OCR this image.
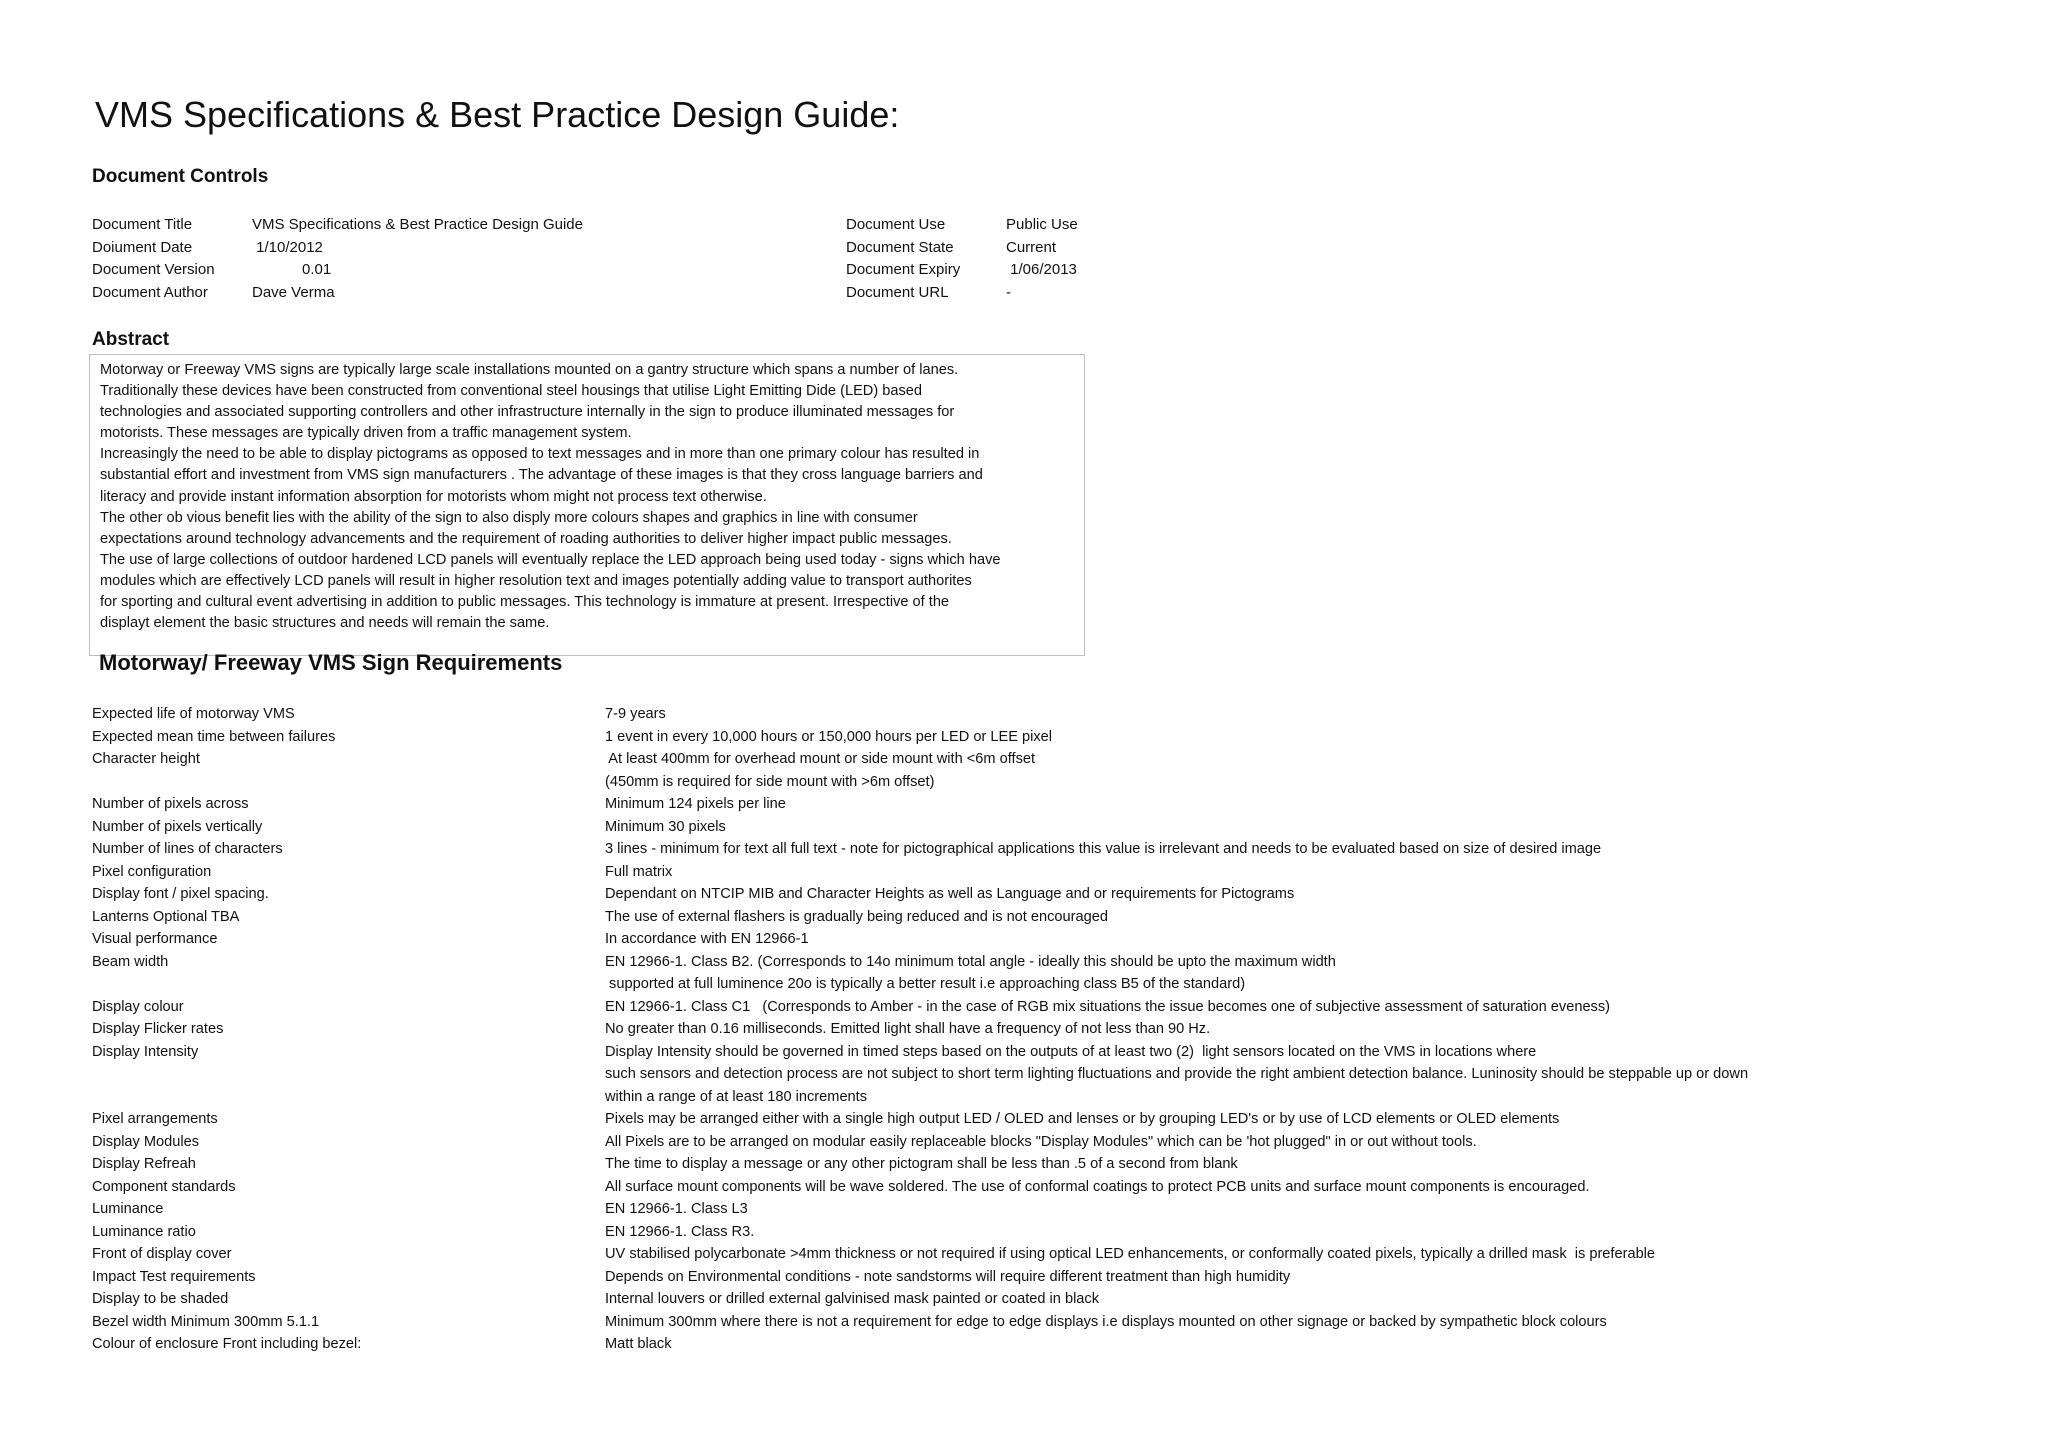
VMS Specifications & Best Practice Design Guide:
Document Controls
Document Title	VMS Specifications & Best Practice Design Guide
Doiument Date	1/10/2012
Document Version	0.01
Document Author	Dave Verma
Document Use	Public Use
Document State	Current
Document Expiry	1/06/2013
Document URL	-
Abstract
Motorway or Freeway VMS signs are typically large scale installations mounted on a gantry structure which spans a number of lanes.
Traditionally these devices have been constructed from conventional steel housings that utilise Light Emitting Dide (LED) based
technologies and associated supporting controllers and other infrastructure internally in the sign to produce illuminated messages for
motorists. These messages are typically driven from a traffic management system.
Increasingly the need to be able to display pictograms as opposed to text messages and in more than one primary colour has resulted in
substantial effort and investment from VMS sign manufacturers . The advantage of these images is that they cross language barriers and
literacy and provide instant information absorption for motorists whom might not process text otherwise.
The other ob vious benefit lies with the ability of the sign to also disply more colours shapes and graphics in line with consumer
expectations around technology advancements and the requirement of roading authorities to deliver higher impact public messages.
The use of large collections of outdoor hardened LCD panels will eventually replace the LED approach being used today - signs which have
modules which are effectively LCD panels will result in higher resolution text and images potentially adding value to transport authorites
for sporting and cultural event advertising in addition to public messages. This technology is immature at present. Irrespective of the
displayt element the basic structures and needs will remain the same.
Motorway/ Freeway VMS Sign Requirements
Expected life of motorway VMS	7-9 years
Expected mean time between failures	1 event in every 10,000 hours or 150,000 hours per LED or LEE pixel
Character height	At least 400mm for overhead mount or side mount with <6m offset
(450mm is required for side mount with >6m offset)
Number of pixels across	Minimum 124 pixels per line
Number of pixels vertically	Minimum 30 pixels
Number of lines of characters	3 lines - minimum for text all full text - note for pictographical applications this value is irrelevant and needs to be evaluated based on size of desired image
Pixel configuration	Full matrix
Display font / pixel spacing.	Dependant on NTCIP MIB and Character Heights as well as Language and or requirements for Pictograms
Lanterns Optional TBA	The use of external flashers is gradually being reduced and is not encouraged
Visual performance	In accordance with EN 12966-1
Beam width	EN 12966-1. Class B2. (Corresponds to 14o minimum total angle - ideally this should be upto the maximum width
supported at full luminence 20o is typically a better result i.e approaching class B5 of the standard)
Display colour	EN 12966-1. Class C1   (Corresponds to Amber - in the case of RGB mix situations the issue becomes one of subjective assessment of saturation eveness)
Display Flicker rates	No greater than 0.16 milliseconds. Emitted light shall have a frequency of not less than 90 Hz.
Display Intensity	Display Intensity should be governed in timed steps based on the outputs of at least two (2)  light sensors located on the VMS in locations where
such sensors and detection process are not subject to short term lighting fluctuations and provide the right ambient detection balance. Luninosity should be steppable up or down
within a range of at least 180 increments
Pixel arrangements	Pixels may be arranged either with a single high output LED / OLED and lenses or by grouping LED's or by use of LCD elements or OLED elements
Display Modules	All Pixels are to be arranged on modular easily replaceable blocks "Display Modules" which can be 'hot plugged" in or out without tools.
Display Refreah	The time to display a message or any other pictogram shall be less than .5 of a second from blank
Component standards	All surface mount components will be wave soldered. The use of conformal coatings to protect PCB units and surface mount components is encouraged.
Luminance	EN 12966-1. Class L3
Luminance ratio	EN 12966-1. Class R3.
Front of display cover	UV stabilised polycarbonate >4mm thickness or not required if using optical LED enhancements, or conformally coated pixels, typically a drilled mask  is preferable
Impact Test requirements	Depends on Environmental conditions - note sandstorms will require different treatment than high humidity
Display to be shaded	Internal louvers or drilled external galvinised mask painted or coated in black
Bezel width Minimum 300mm 5.1.1	Minimum 300mm where there is not a requirement for edge to edge displays i.e displays mounted on other signage or backed by sympathetic block colours
Colour of enclosure Front including bezel:	Matt black
